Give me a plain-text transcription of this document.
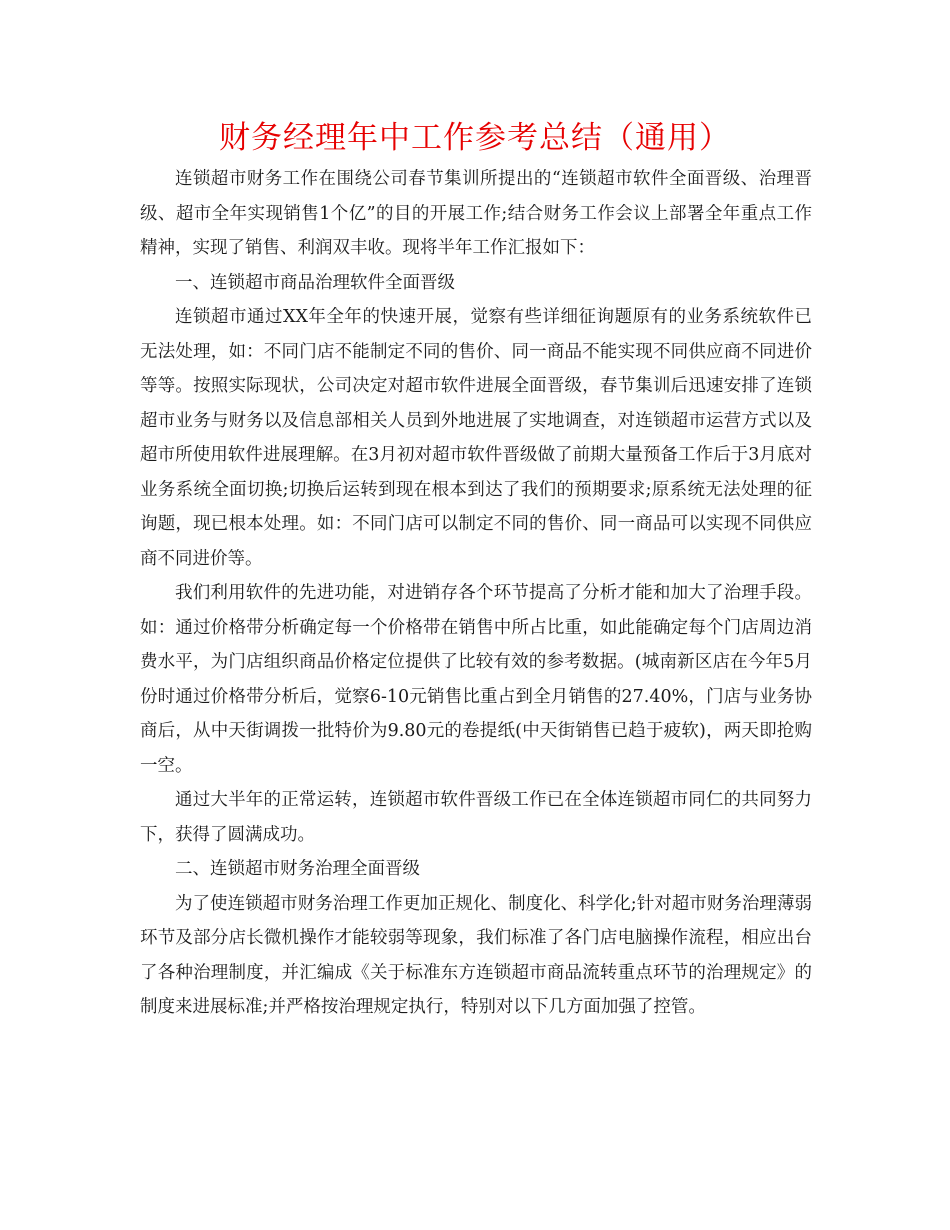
财务经理年中工作参考总结（通用）

连锁超市财务工作在围绕公司春节集训所提出的“连锁超市软件全面晋级、治理晋级、超市全年实现销售1个亿”的目的开展工作;结合财务工作会议上部署全年重点工作精神，实现了销售、利润双丰收。现将半年工作汇报如下：

一、连锁超市商品治理软件全面晋级

连锁超市通过XX年全年的快速开展，觉察有些详细征询题原有的业务系统软件已无法处理，如：不同门店不能制定不同的售价、同一商品不能实现不同供应商不同进价等等。按照实际现状，公司决定对超市软件进展全面晋级，春节集训后迅速安排了连锁超市业务与财务以及信息部相关人员到外地进展了实地调查，对连锁超市运营方式以及超市所使用软件进展理解。在3月初对超市软件晋级做了前期大量预备工作后于3月底对业务系统全面切换;切换后运转到现在根本到达了我们的预期要求;原系统无法处理的征询题，现已根本处理。如：不同门店可以制定不同的售价、同一商品可以实现不同供应商不同进价等。

我们利用软件的先进功能，对进销存各个环节提高了分析才能和加大了治理手段。如：通过价格带分析确定每一个价格带在销售中所占比重，如此能确定每个门店周边消费水平，为门店组织商品价格定位提供了比较有效的参考数据。(城南新区店在今年5月份时通过价格带分析后，觉察6-10元销售比重占到全月销售的27.40%，门店与业务协商后，从中天街调拨一批特价为9.80元的卷提纸(中天街销售已趋于疲软)，两天即抢购一空。

通过大半年的正常运转，连锁超市软件晋级工作已在全体连锁超市同仁的共同努力下，获得了圆满成功。

二、连锁超市财务治理全面晋级

为了使连锁超市财务治理工作更加正规化、制度化、科学化;针对超市财务治理薄弱环节及部分店长微机操作才能较弱等现象，我们标准了各门店电脑操作流程，相应出台了各种治理制度，并汇编成《关于标准东方连锁超市商品流转重点环节的治理规定》的制度来进展标准;并严格按治理规定执行，特别对以下几方面加强了控管。
